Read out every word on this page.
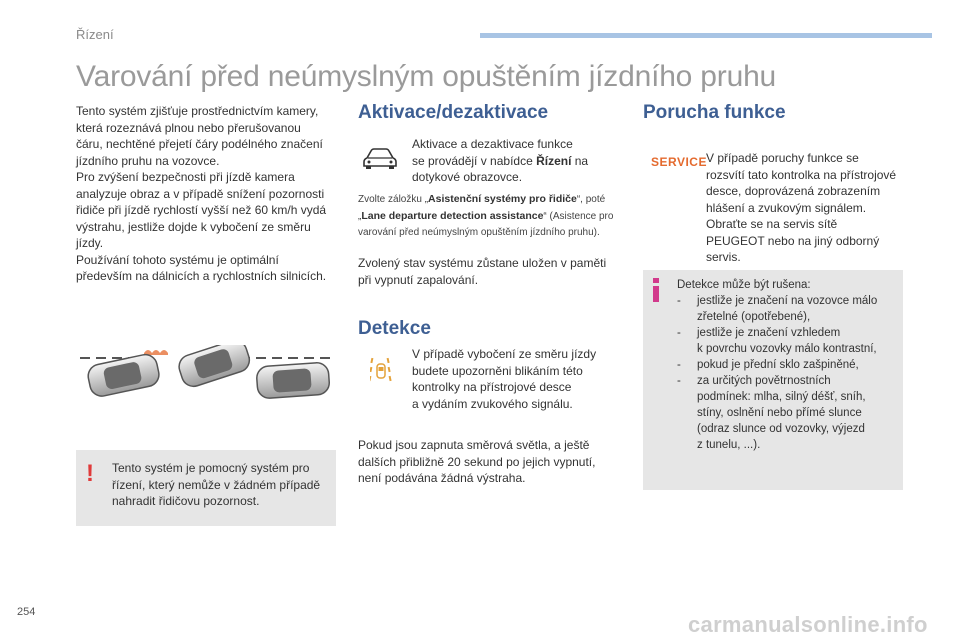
Řízení
Varování před neúmyslným opuštěním jízdního pruhu
Tento systém zjišťuje prostřednictvím kamery,
která rozeznává plnou nebo přerušovanou
čáru, nechtěné přejetí čáry podélného značení
jízdního pruhu na vozovce.
Pro zvýšení bezpečnosti při jízdě kamera
analyzuje obraz a v případě snížení pozornosti
řidiče při jízdě rychlostí vyšší než 60 km/h vydá
výstrahu, jestliže dojde k vybočení ze směru
jízdy.
Používání tohoto systému je optimální
především na dálnicích a rychlostních silnicích.
! Tento systém je pomocný systém pro
řízení, který nemůže v žádném případě
nahradit řidičovu pozornost.
Aktivace/dezaktivace
Aktivace a dezaktivace funkce
se provádějí v nabídce Řízení na
dotykové obrazovce.
Zvolte záložku „Asistenční systémy pro řidiče“, poté
„Lane departure detection assistance“ (Asistence pro
varování před neúmyslným opuštěním jízdního pruhu).
Zvolený stav systému zůstane uložen v paměti
při vypnutí zapalování.
Detekce
V případě vybočení ze směru jízdy
budete upozorněni blikáním této
kontrolky na přístrojové desce
a vydáním zvukového signálu.
Pokud jsou zapnuta směrová světla, a ještě
dalších přibližně 20 sekund po jejich vypnutí,
není podávána žádná výstraha.
Porucha funkce
SERVICE V případě poruchy funkce se
rozsvítí tato kontrolka na přístrojové
desce, doprovázená zobrazením
hlášení a zvukovým signálem.
Obraťte se na servis sítě
PEUGEOT nebo na jiný odborný
servis.
Detekce může být rušena:
- jestliže je značení na vozovce málo
zřetelné (opotřebené),
- jestliže je značení vzhledem
k povrchu vozovky málo kontrastní,
- pokud je přední sklo zašpiněné,
- za určitých povětrnostních
podmínek: mlha, silný déšť, sníh,
stíny, oslnění nebo přímé slunce
(odraz slunce od vozovky, výjezd
z tunelu, ...).
254	carmanualsonline.info
